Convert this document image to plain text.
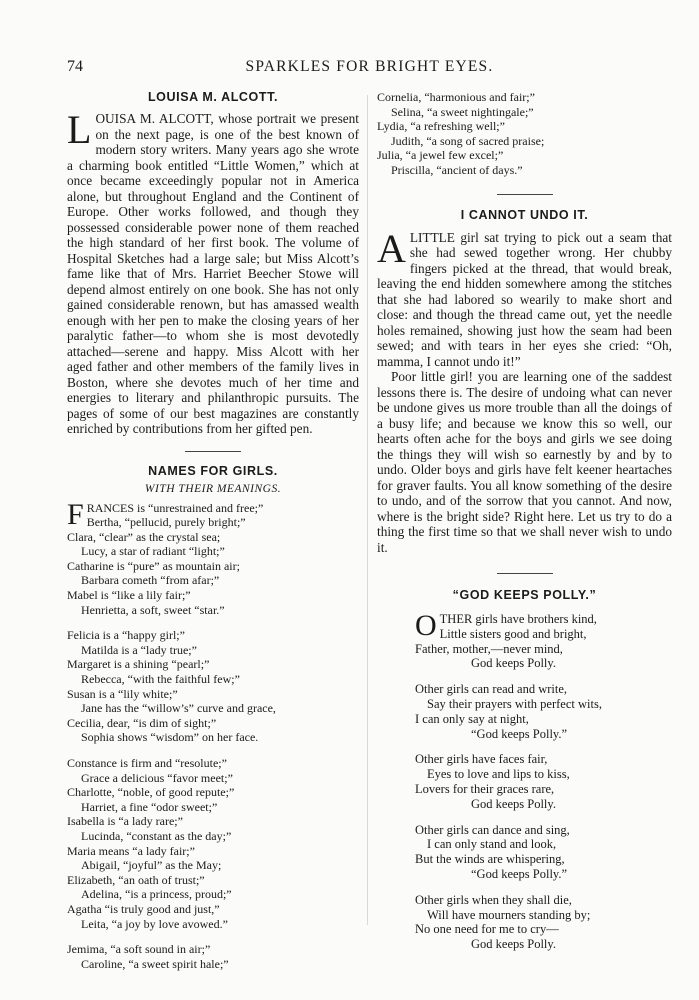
74	SPARKLES FOR BRIGHT EYES.
LOUISA M. ALCOTT.

LOUISA M. ALCOTT, whose portrait we present on the next page, is one of the best known of modern story writers. Many years ago she wrote a charming book entitled “Little Women,” which at once became exceedingly popular not in America alone, but throughout England and the Continent of Europe. Other works followed, and though they possessed considerable power none of them reached the high standard of her first book. The volume of Hospital Sketches had a large sale; but Miss Alcott’s fame like that of Mrs. Harriet Beecher Stowe will depend almost entirely on one book. She has not only gained considerable renown, but has amassed wealth enough with her pen to make the closing years of her paralytic father—to whom she is most devotedly attached—serene and happy. Miss Alcott with her aged father and other members of the family lives in Boston, where she devotes much of her time and energies to literary and philanthropic pursuits. The pages of some of our best magazines are constantly enriched by contributions from her gifted pen.

NAMES FOR GIRLS.
WITH THEIR MEANINGS.
FRANCES is “unrestrained and free;”
Bertha, “pellucid, purely bright;”
Clara, “clear” as the crystal sea;
Lucy, a star of radiant “light;”
Catharine is “pure” as mountain air;
Barbara cometh “from afar;”
Mabel is “like a lily fair;”
Henrietta, a soft, sweet “star.”
Felicia is a “happy girl;”
Matilda is a “lady true;”
Margaret is a shining “pearl;”
Rebecca, “with the faithful few;”
Susan is a “lily white;”
Jane has the “willow’s” curve and grace,
Cecilia, dear, “is dim of sight;”
Sophia shows “wisdom” on her face.
Constance is firm and “resolute;”
Grace a delicious “favor meet;”
Charlotte, “noble, of good repute;”
Harriet, a fine “odor sweet;”
Isabella is “a lady rare;”
Lucinda, “constant as the day;”
Maria means “a lady fair;”
Abigail, “joyful” as the May;
Elizabeth, “an oath of trust;”
Adelina, “is a princess, proud;”
Agatha “is truly good and just,”
Leita, “a joy by love avowed.”
Jemima, “a soft sound in air;”
Caroline, “a sweet spirit hale;”
Cornelia, “harmonious and fair;”
Selina, “a sweet nightingale;”
Lydia, “a refreshing well;”
Judith, “a song of sacred praise;
Julia, “a jewel few excel;”
Priscilla, “ancient of days.”
I CANNOT UNDO IT.

ALITTLE girl sat trying to pick out a seam that she had sewed together wrong. Her chubby fingers picked at the thread, that would break, leaving the end hidden somewhere among the stitches that she had labored so wearily to make short and close: and though the thread came out, yet the needle holes remained, showing just how the seam had been sewed; and with tears in her eyes she cried: “Oh, mamma, I cannot undo it!”

Poor little girl! you are learning one of the saddest lessons there is. The desire of undoing what can never be undone gives us more trouble than all the doings of a busy life; and because we know this so well, our hearts often ache for the boys and girls we see doing the things they will wish so earnestly by and by to undo. Older boys and girls have felt keener heartaches for graver faults. You all know something of the desire to undo, and of the sorrow that you cannot. And now, where is the bright side? Right here. Let us try to do a thing the first time so that we shall never wish to undo it.

“GOD KEEPS POLLY.”
OTHER girls have brothers kind,
Little sisters good and bright,
Father, mother,—never mind,
God keeps Polly.
Other girls can read and write,
Say their prayers with perfect wits,
I can only say at night,
“God keeps Polly.”
Other girls have faces fair,
Eyes to love and lips to kiss,
Lovers for their graces rare,
God keeps Polly.
Other girls can dance and sing,
I can only stand and look,
But the winds are whispering,
“God keeps Polly.”
Other girls when they shall die,
Will have mourners standing by;
No one need for me to cry—
God keeps Polly.
